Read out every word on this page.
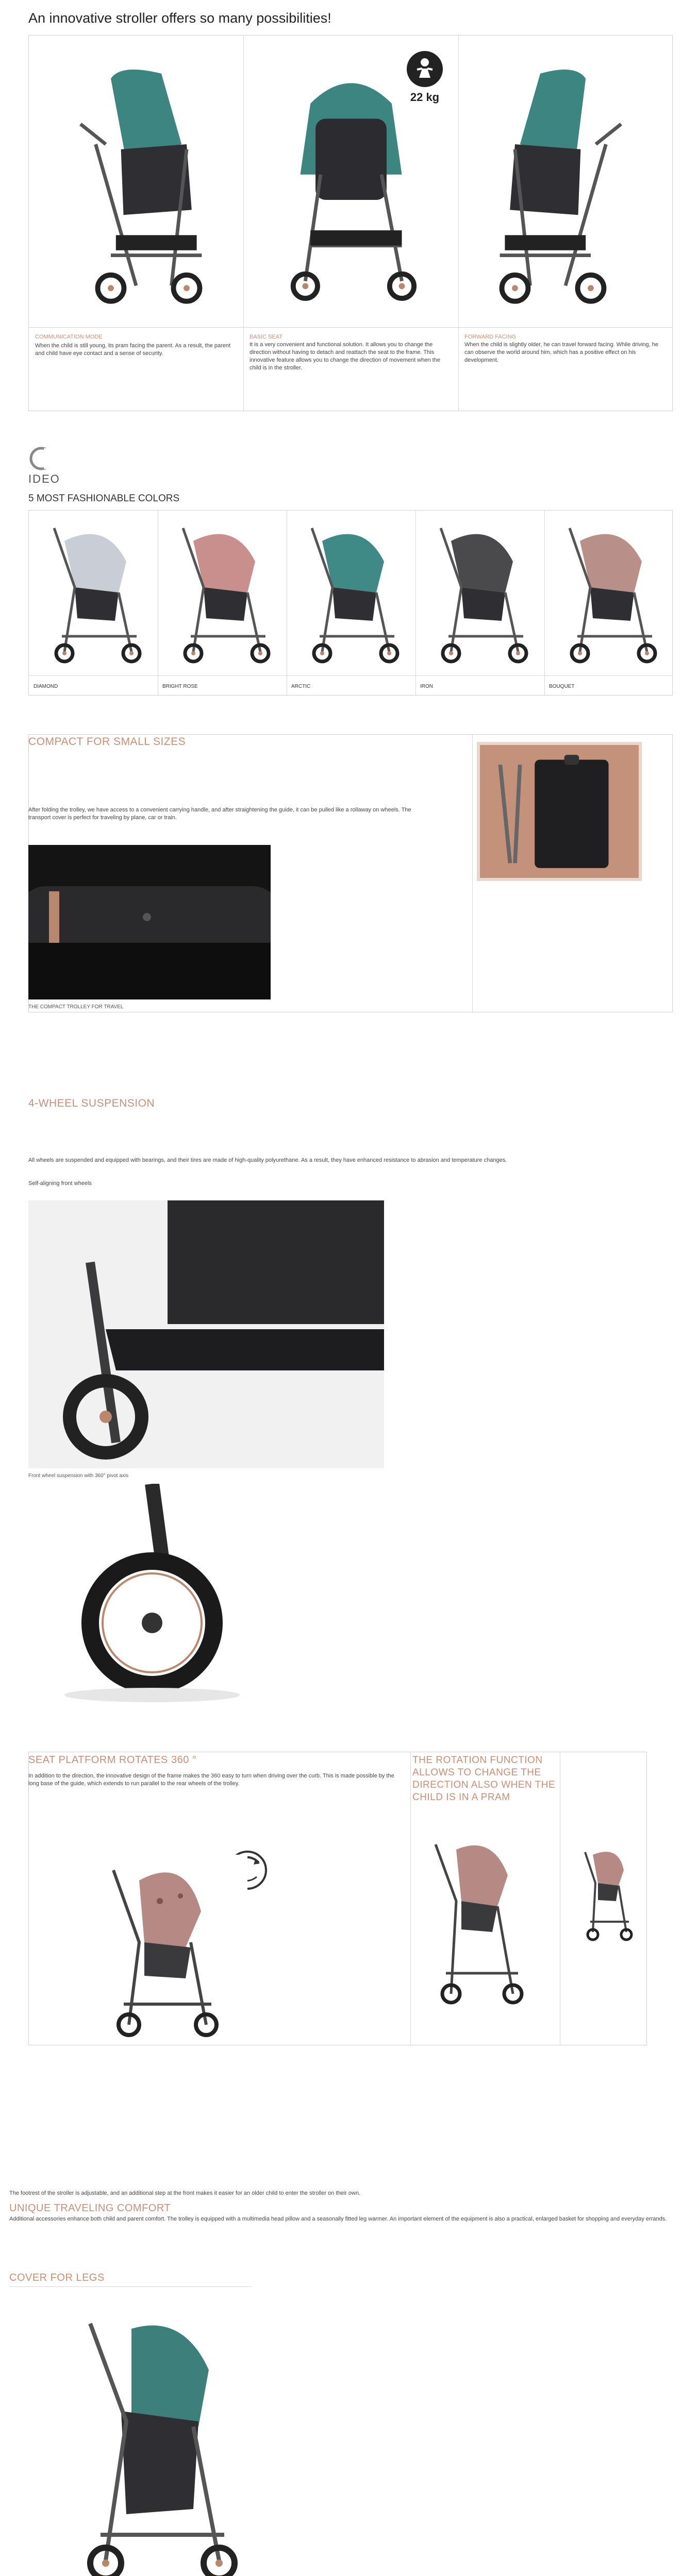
An innovative stroller offers so many possibilities!
COMMUNICATION MODE
When the child is still young, its pram facing the parent. As a result, the parent and child have eye contact and a sense of security.
22 kg
BASIC SEAT
It is a very convenient and functional solution. It allows you to change the direction without having to detach and reattach the seat to the frame. This innovative feature allows you to change the direction of movement when the child is in the stroller.
FORWARD FACING
When the child is slightly older, he can travel forward facing. While driving, he can observe the world around him, which has a positive effect on his development.
IDEO
5 MOST FASHIONABLE COLORS
DIAMOND	BRIGHT ROSE	ARCTIC	IRON	BOUQUET
COMPACT FOR SMALL SIZES
After folding the trolley, we have access to a convenient carrying handle, and after straightening the guide, it can be pulled like a rollaway on wheels. The transport cover is perfect for traveling by plane, car or train.
THE COMPACT TROLLEY FOR TRAVEL
4-WHEEL SUSPENSION
All wheels are suspended and equipped with bearings, and their tires are made of high-quality polyurethane. As a result, they have enhanced resistance to abrasion and temperature changes.
Self-aligning front wheels
Front wheel suspension with 360° pivot axis
SEAT PLATFORM ROTATES 360 °
In addition to the direction, the innovative design of the frame makes the 360 easy to turn when driving over the curb. This is made possible by the long base of the guide, which extends to run parallel to the rear wheels of the trolley.
THE ROTATION FUNCTION ALLOWS TO CHANGE THE DIRECTION ALSO WHEN THE CHILD IS IN A PRAM
The footrest of the stroller is adjustable, and an additional step at the front makes it easier for an older child to enter the stroller on their own.
UNIQUE TRAVELING COMFORT
Additional accessories enhance both child and parent comfort. The trolley is equipped with a multimedia head pillow and a seasonally fitted leg warmer. An important element of the equipment is also a practical, enlarged basket for shopping and everyday errands.
COVER FOR LEGS
